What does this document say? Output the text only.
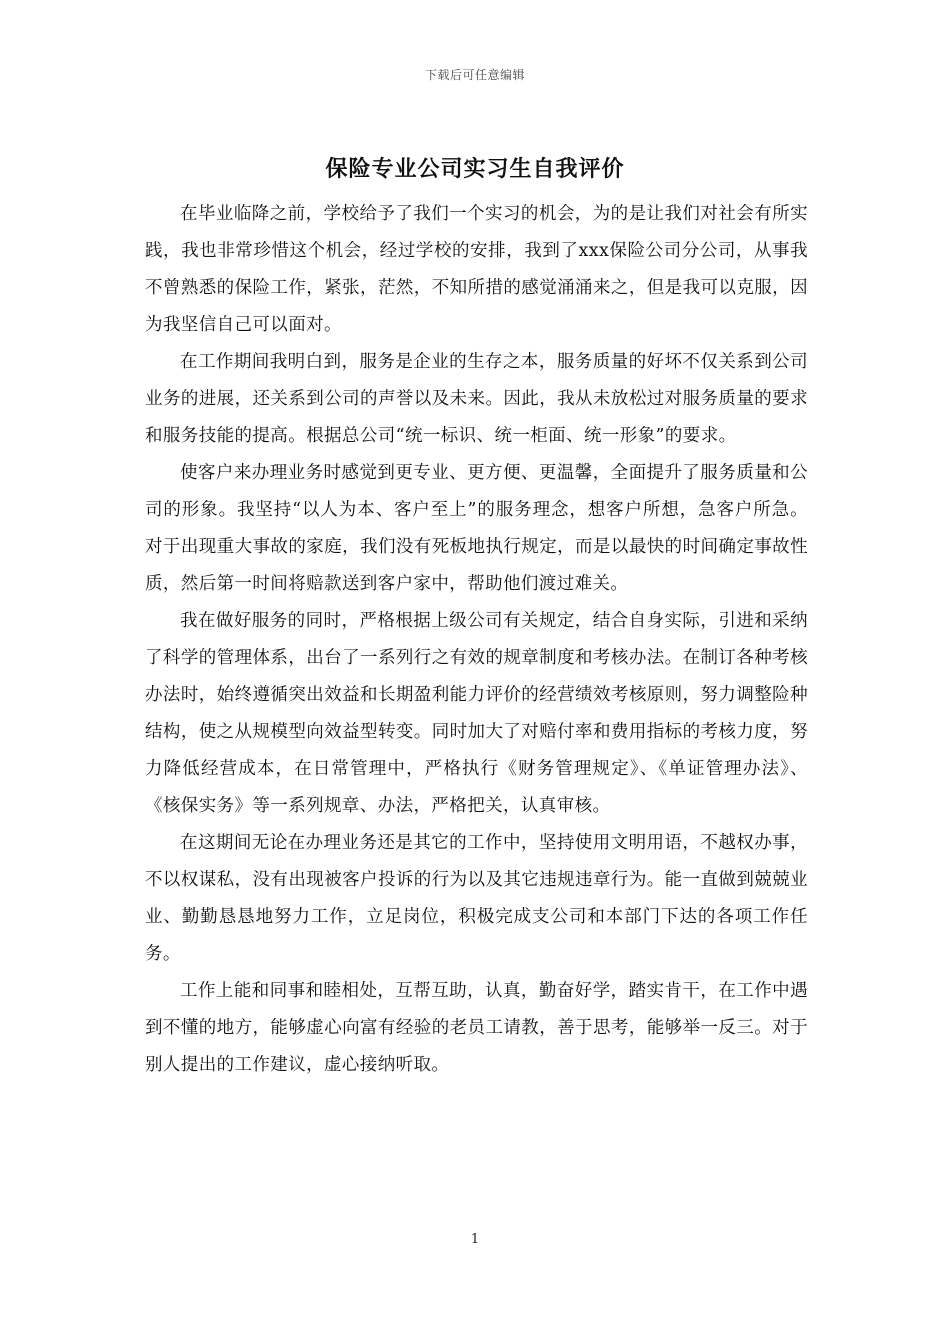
下载后可任意编辑
保险专业公司实习生自我评价

在毕业临降之前，学校给予了我们一个实习的机会，为的是让我们对社会有所实践，我也非常珍惜这个机会，经过学校的安排，我到了xxx保险公司分公司，从事我不曾熟悉的保险工作，紧张，茫然，不知所措的感觉涌涌来之，但是我可以克服，因为我坚信自己可以面对。

在工作期间我明白到，服务是企业的生存之本，服务质量的好坏不仅关系到公司业务的进展，还关系到公司的声誉以及未来。因此，我从未放松过对服务质量的要求和服务技能的提高。根据总公司“统一标识、统一柜面、统一形象”的要求。

使客户来办理业务时感觉到更专业、更方便、更温馨，全面提升了服务质量和公司的形象。我坚持“以人为本、客户至上”的服务理念，想客户所想，急客户所急。对于出现重大事故的家庭，我们没有死板地执行规定，而是以最快的时间确定事故性质，然后第一时间将赔款送到客户家中，帮助他们渡过难关。

我在做好服务的同时，严格根据上级公司有关规定，结合自身实际，引进和采纳了科学的管理体系，出台了一系列行之有效的规章制度和考核办法。在制订各种考核办法时，始终遵循突出效益和长期盈利能力评价的经营绩效考核原则，努力调整险种结构，使之从规模型向效益型转变。同时加大了对赔付率和费用指标的考核力度，努力降低经营成本，在日常管理中，严格执行《财务管理规定》、《单证管理办法》、《核保实务》等一系列规章、办法，严格把关，认真审核。

在这期间无论在办理业务还是其它的工作中，坚持使用文明用语，不越权办事，不以权谋私，没有出现被客户投诉的行为以及其它违规违章行为。能一直做到兢兢业业、勤勤恳恳地努力工作，立足岗位，积极完成支公司和本部门下达的各项工作任务。

工作上能和同事和睦相处，互帮互助，认真，勤奋好学，踏实肯干，在工作中遇到不懂的地方，能够虚心向富有经验的老员工请教，善于思考，能够举一反三。对于别人提出的工作建议，虚心接纳听取。

1
